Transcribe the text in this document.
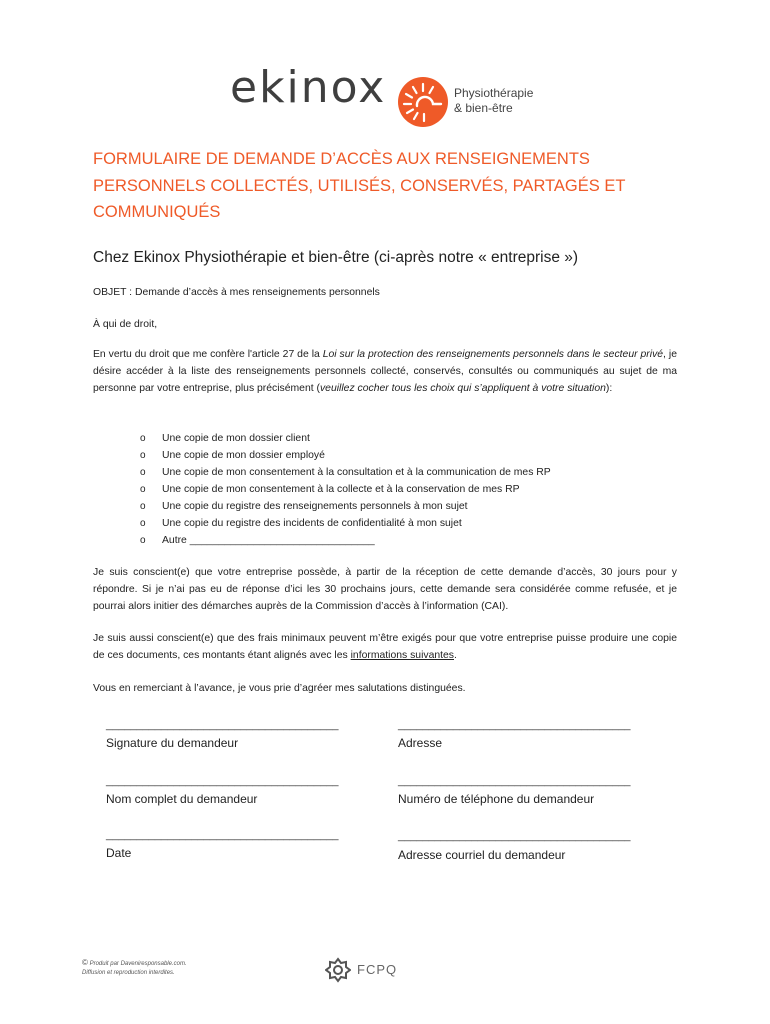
ekinox	Physiothérapie
& bien-être
FORMULAIRE DE DEMANDE D’ACCÈS AUX RENSEIGNEMENTS
PERSONNELS COLLECTÉS, UTILISÉS, CONSERVÉS, PARTAGÉS ET
COMMUNIQUÉS
Chez Ekinox Physiothérapie et bien-être (ci-après notre « entreprise »)
OBJET : Demande d’accès à mes renseignements personnels
À qui de droit,
En vertu du droit que me confère l'article 27 de la Loi sur la protection des renseignements personnels dans le secteur privé, je désire accéder à la liste des renseignements personnels collecté, conservés, consultés ou communiqués au sujet de ma personne par votre entreprise, plus précisément (veuillez cocher tous les choix qui s’appliquent à votre situation):
o Une copie de mon dossier client
o Une copie de mon dossier employé
o Une copie de mon consentement à la consultation et à la communication de mes RP
o Une copie de mon consentement à la collecte et à la conservation de mes RP
o Une copie du registre des renseignements personnels à mon sujet
o Une copie du registre des incidents de confidentialité à mon sujet
o Autre ________________________________
Je suis conscient(e) que votre entreprise possède, à partir de la réception de cette demande d’accès, 30 jours pour y répondre. Si je n’ai pas eu de réponse d’ici les 30 prochains jours, cette demande sera considérée comme refusée, et je pourrai alors initier des démarches auprès de la Commission d’accès à l’information (CAI).
Je suis aussi conscient(e) que des frais minimaux peuvent m’être exigés pour que votre entreprise puisse produire une copie de ces documents, ces montants étant alignés avec les informations suivantes.
Vous en remerciant à l’avance, je vous prie d’agréer mes salutations distinguées.
______________________________________
Signature du demandeur
______________________________________
Adresse
______________________________________
Nom complet du demandeur
______________________________________
Numéro de téléphone du demandeur
______________________________________
Date
______________________________________
Adresse courriel du demandeur
© Produit par Daveniresponsable.com.
Diffusion et reproduction interdites.	FCPQ
